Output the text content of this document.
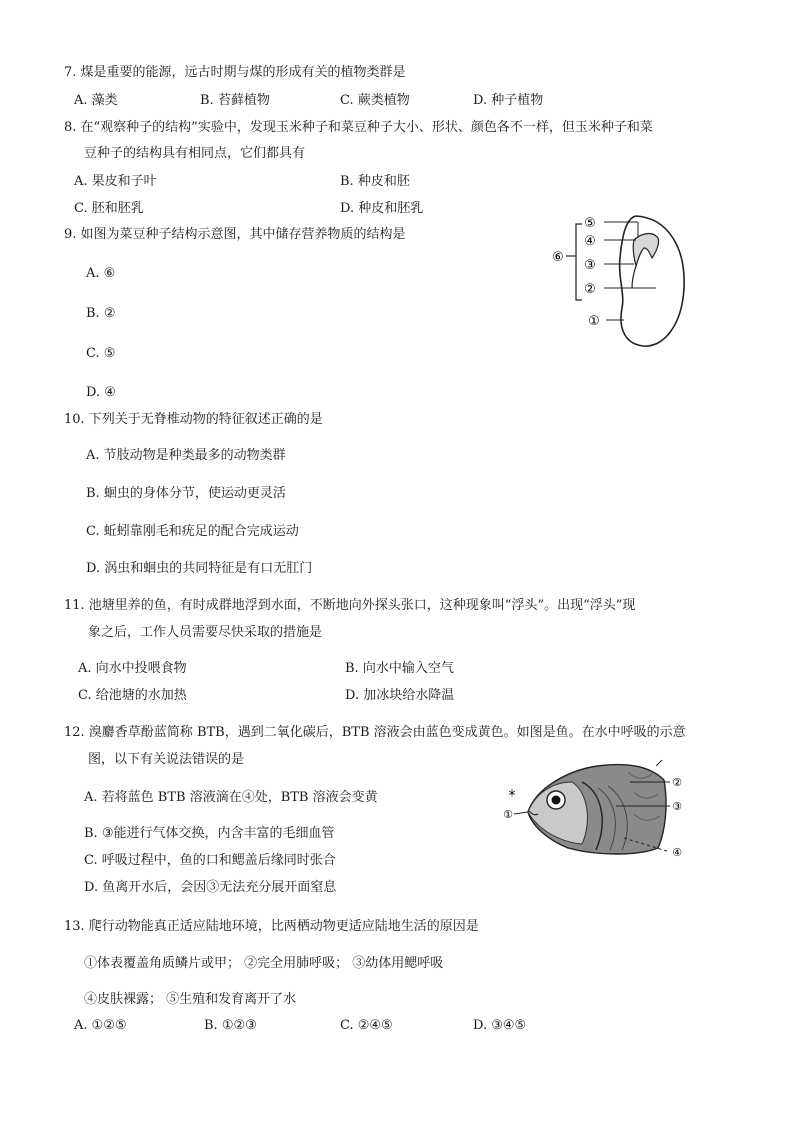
7. 煤是重要的能源，远古时期与煤的形成有关的植物类群是
A. 藻类	B. 苔藓植物	C. 蕨类植物	D. 种子植物
8. 在“观察种子的结构”实验中，发现玉米种子和菜豆种子大小、形状、颜色各不一样，但玉米种子和菜
豆种子的结构具有相同点，它们都具有
A. 果皮和子叶	B. 种皮和胚
C. 胚和胚乳	D. 种皮和胚乳
9. 如图为菜豆种子结构示意图，其中储存营养物质的结构是
A. ⑥
B. ②
C. ⑤
D. ④
⑤
④
⑥
③
②
①
10. 下列关于无脊椎动物的特征叙述正确的是
A. 节肢动物是种类最多的动物类群
B. 蛔虫的身体分节，使运动更灵活
C. 蚯蚓靠刚毛和疣足的配合完成运动
D. 涡虫和蛔虫的共同特征是有口无肛门
11. 池塘里养的鱼，有时成群地浮到水面，不断地向外探头张口，这种现象叫“浮头”。出现“浮头”现
象之后，工作人员需要尽快采取的措施是
A. 向水中投喂食物	B. 向水中输入空气
C. 给池塘的水加热	D. 加冰块给水降温
12. 溴麝香草酚蓝简称 BTB，遇到二氧化碳后，BTB 溶液会由蓝色变成黄色。如图是鱼。在水中呼吸的示意
图，以下有关说法错误的是
A. 若将蓝色 BTB 溶液滴在④处，BTB 溶液会变黄
B. ③能进行气体交换，内含丰富的毛细血管
C. 呼吸过程中，鱼的口和鳃盖后缘同时张合
D. 鱼离开水后，会因③无法充分展开面窒息
*
①
②
③
④
13. 爬行动物能真正适应陆地环境，比两栖动物更适应陆地生活的原因是
①体表覆盖角质鳞片或甲； ②完全用肺呼吸； ③幼体用鳃呼吸
④皮肤裸露； ⑤生殖和发育离开了水
A. ①②⑤	B. ①②③	C. ②④⑤	D. ③④⑤
